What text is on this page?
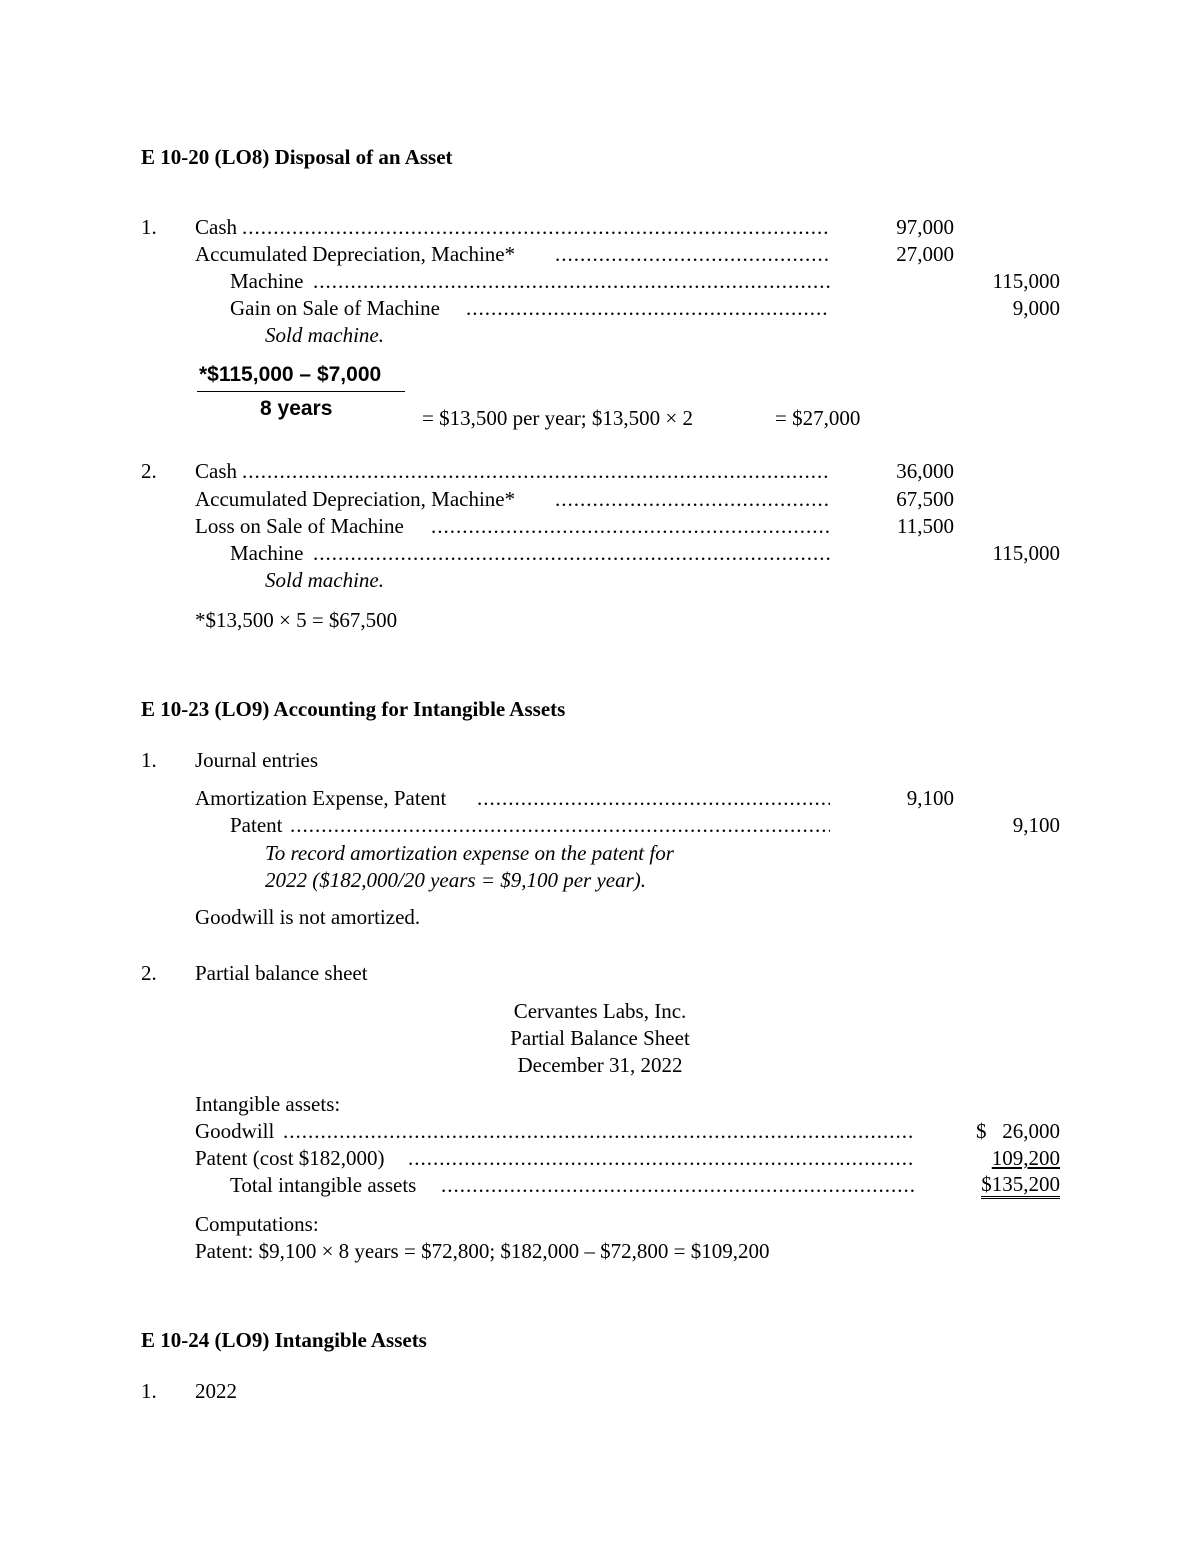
E 10-20 (LO8) Disposal of an Asset
1. Cash .....	97,000
Accumulated Depreciation, Machine* .....	27,000
Machine .....	115,000
Gain on Sale of Machine .....	9,000
Sold machine.
*$115,000 – $7,000
8 years	= $13,500 per year; $13,500 × 2	= $27,000
2. Cash .....	36,000
Accumulated Depreciation, Machine* .....	67,500
Loss on Sale of Machine .....	11,500
Machine .....	115,000
Sold machine.
*$13,500 × 5 = $67,500
E 10-23 (LO9) Accounting for Intangible Assets
1. Journal entries
Amortization Expense, Patent .....	9,100
Patent .....	9,100
To record amortization expense on the patent for
2022 ($182,000/20 years = $9,100 per year).
Goodwill is not amortized.
2. Partial balance sheet
Cervantes Labs, Inc.
Partial Balance Sheet
December 31, 2022
Intangible assets:
Goodwill .....	$   26,000
Patent (cost $182,000) .....	109,200
Total intangible assets .....	$135,200
Computations:
Patent: $9,100 × 8 years = $72,800; $182,000 – $72,800 = $109,200
E 10-24 (LO9) Intangible Assets
1. 2022
